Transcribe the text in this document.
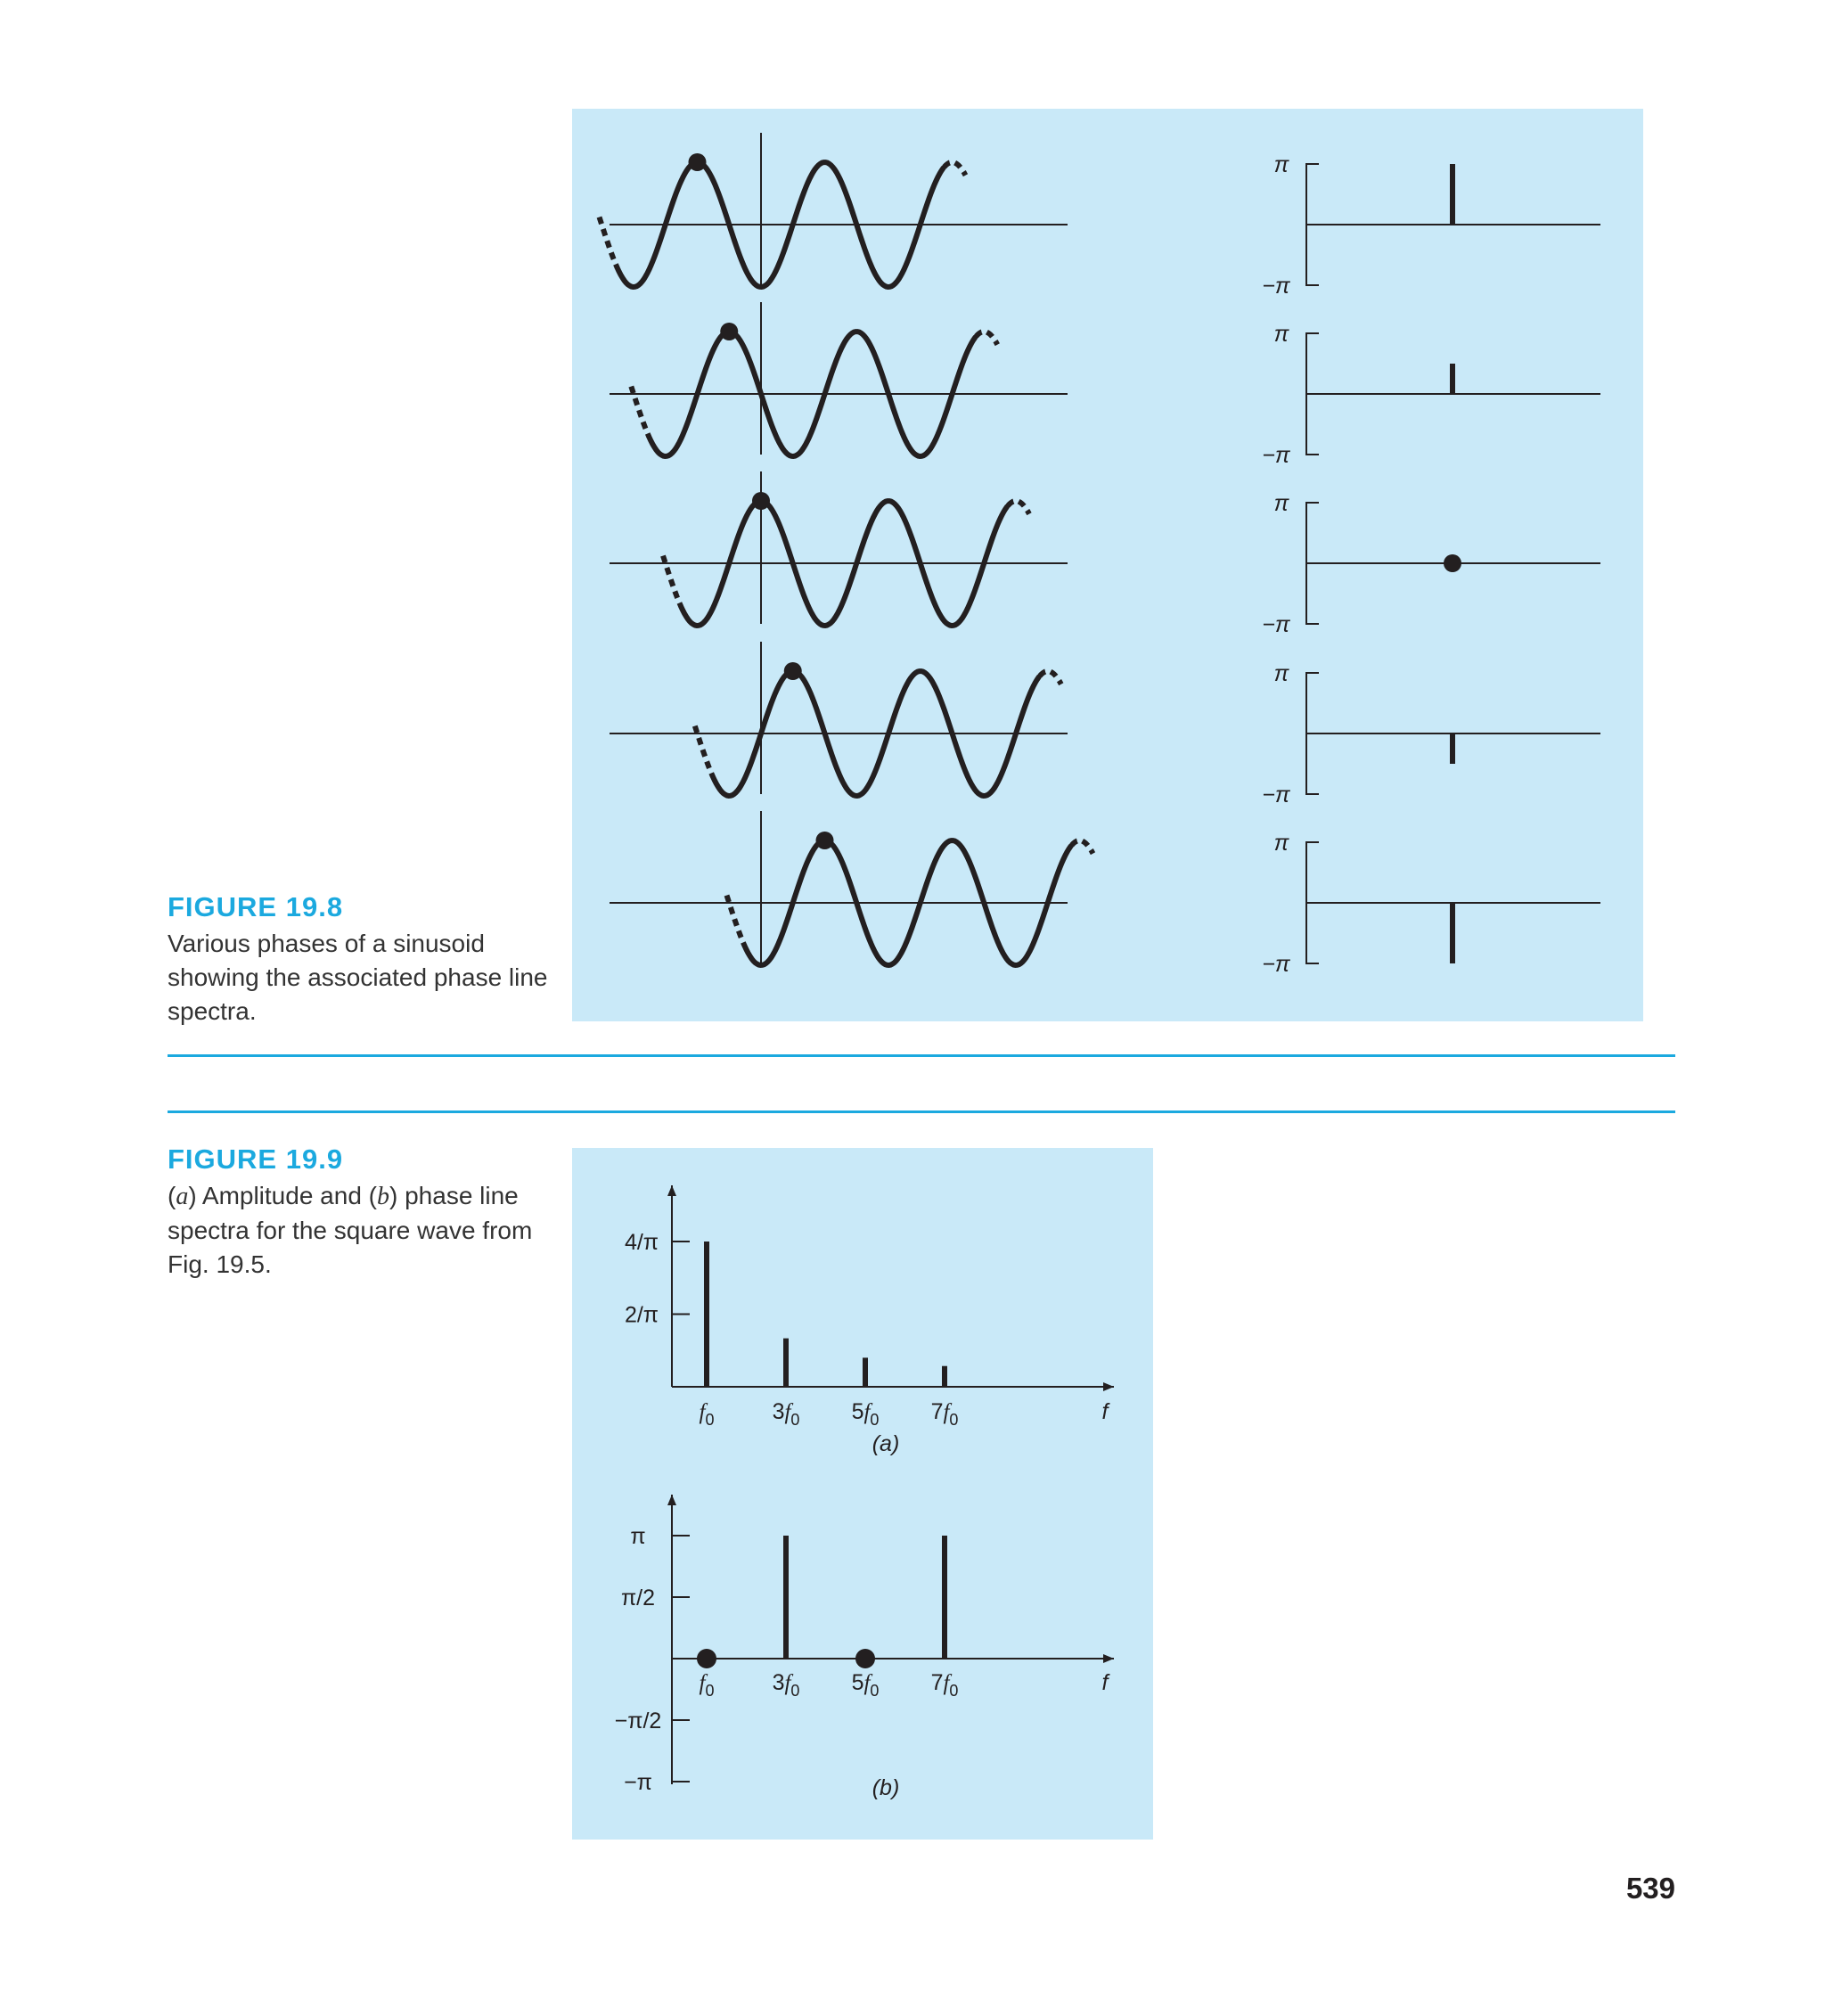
π
−π
π
−π
π
−π
π
−π
π
−π
FIGURE 19.8
Various phases of a sinusoid showing the associated phase line spectra.
4/π
2/π
$f_0$	$3f_0$ $5f_0$ $7f_0$	f
(a)
π
π/2
−π/2
−π
$f_0$	$3f_0$ $5f_0$ $7f_0$	f
(b)
FIGURE 19.9
(a) Amplitude and (b) phase line spectra for the square wave from Fig. 19.5.
539
